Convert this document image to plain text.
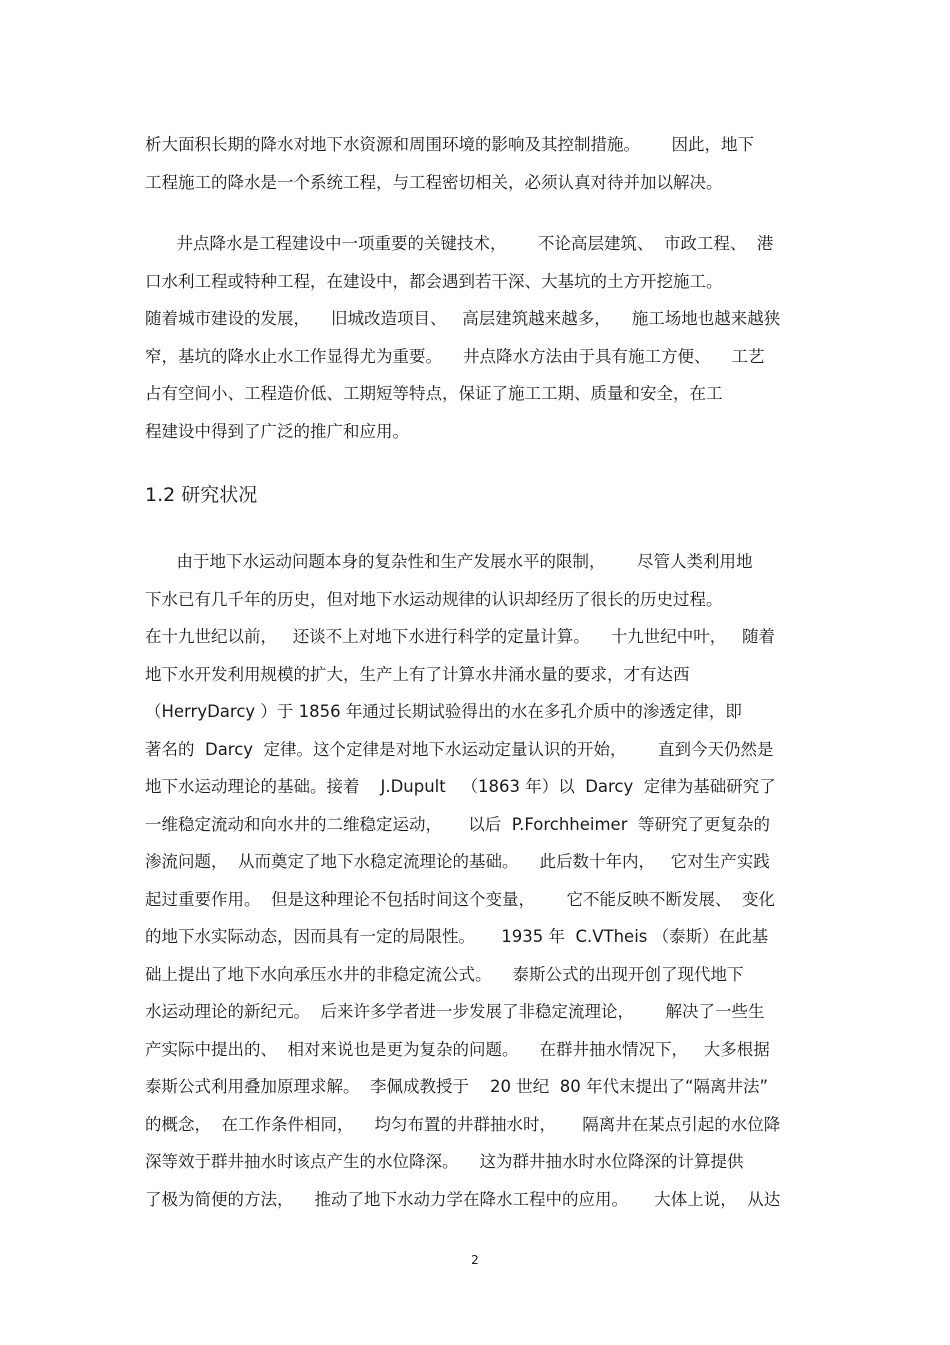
析大面积长期的降水对地下水资源和周围环境的影响及其控制措施。      因此，地下
工程施工的降水是一个系统工程，与工程密切相关，必须认真对待并加以解决。
井点降水是工程建设中一项重要的关键技术，      不论高层建筑、  市政工程、  港
口水利工程或特种工程，在建设中，都会遇到若干深、大基坑的土方开挖施工。
随着城市建设的发展，    旧城改造项目、   高层建筑越来越多，    施工场地也越来越狭
窄，基坑的降水止水工作显得尤为重要。    井点降水方法由于具有施工方便、    工艺
占有空间小、工程造价低、工期短等特点，保证了施工工期、质量和安全，在工
程建设中得到了广泛的推广和应用。
1.2 研究状况
由于地下水运动问题本身的复杂性和生产发展水平的限制，      尽管人类利用地
下水已有几千年的历史，但对地下水运动规律的认识却经历了很长的历史过程。
在十九世纪以前，   还谈不上对地下水进行科学的定量计算。    十九世纪中叶，   随着
地下水开发利用规模的扩大，生产上有了计算水井涌水量的要求，才有达西
（HerryDarcy ）于 1856 年通过长期试验得出的水在多孔介质中的渗透定律，即
著名的  Darcy  定律。这个定律是对地下水运动定量认识的开始，      直到今天仍然是
地下水运动理论的基础。接着    J.Dupult   （1863 年）以  Darcy  定律为基础研究了
一维稳定流动和向水井的二维稳定运动，     以后  P.Forchheimer  等研究了更复杂的
渗流问题，  从而奠定了地下水稳定流理论的基础。    此后数十年内，   它对生产实践
起过重要作用。  但是这种理论不包括时间这个变量，      它不能反映不断发展、  变化
的地下水实际动态，因而具有一定的局限性。     1935 年  C.VTheis （泰斯）在此基
础上提出了地下水向承压水井的非稳定流公式。    泰斯公式的出现开创了现代地下
水运动理论的新纪元。  后来许多学者进一步发展了非稳定流理论，      解决了一些生
产实际中提出的、  相对来说也是更为复杂的问题。    在群井抽水情况下，   大多根据
泰斯公式利用叠加原理求解。  李佩成教授于    20 世纪  80 年代末提出了“隔离井法”
的概念，  在工作条件相同，    均匀布置的井群抽水时，     隔离井在某点引起的水位降
深等效于群井抽水时该点产生的水位降深。    这为群井抽水时水位降深的计算提供
了极为简便的方法，    推动了地下水动力学在降水工程中的应用。     大体上说，  从达
2
